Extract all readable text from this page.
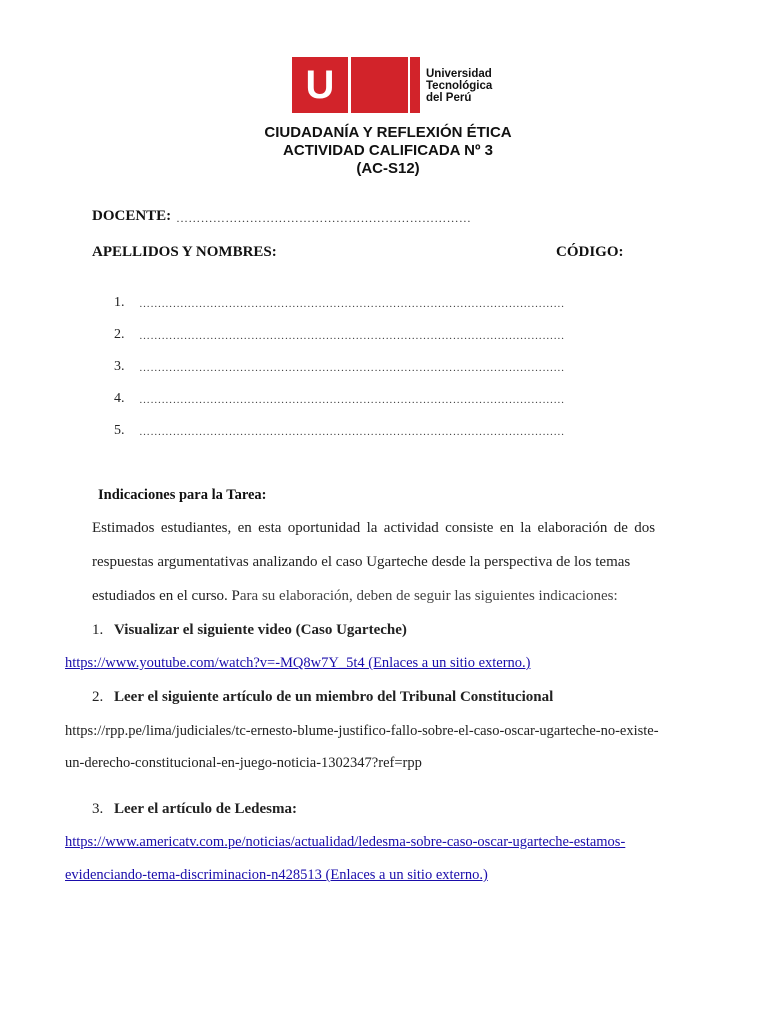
U	Universidad
Tecnológica
del Perú
CIUDADANÍA Y REFLEXIÓN ÉTICA
ACTIVIDAD CALIFICADA Nº 3
(AC-S12)
DOCENTE: ………………………………………………………………
APELLIDOS Y NOMBRES:	CÓDIGO:
1. ……………………………………………………………………………………………………
2. ……………………………………………………………………………………………………
3. ……………………………………………………………………………………………………
4. ……………………………………………………………………………………………………
5. ……………………………………………………………………………………………………
Indicaciones para la Tarea:
Estimados estudiantes, en esta oportunidad la actividad consiste en la elaboración de dos
respuestas argumentativas analizando el caso Ugarteche desde la perspectiva de los temas
estudiados en el curso. Para su elaboración, deben de seguir las siguientes indicaciones:
1. Visualizar el siguiente video (Caso Ugarteche)
https://www.youtube.com/watch?v=-MQ8w7Y_5t4 (Enlaces a un sitio externo.)
2. Leer el siguiente artículo de un miembro del Tribunal Constitucional
https://rpp.pe/lima/judiciales/tc-ernesto-blume-justifico-fallo-sobre-el-caso-oscar-ugarteche-no-existe-
un-derecho-constitucional-en-juego-noticia-1302347?ref=rpp
3. Leer el artículo de Ledesma:
https://www.americatv.com.pe/noticias/actualidad/ledesma-sobre-caso-oscar-ugarteche-estamos-
evidenciando-tema-discriminacion-n428513 (Enlaces a un sitio externo.)
